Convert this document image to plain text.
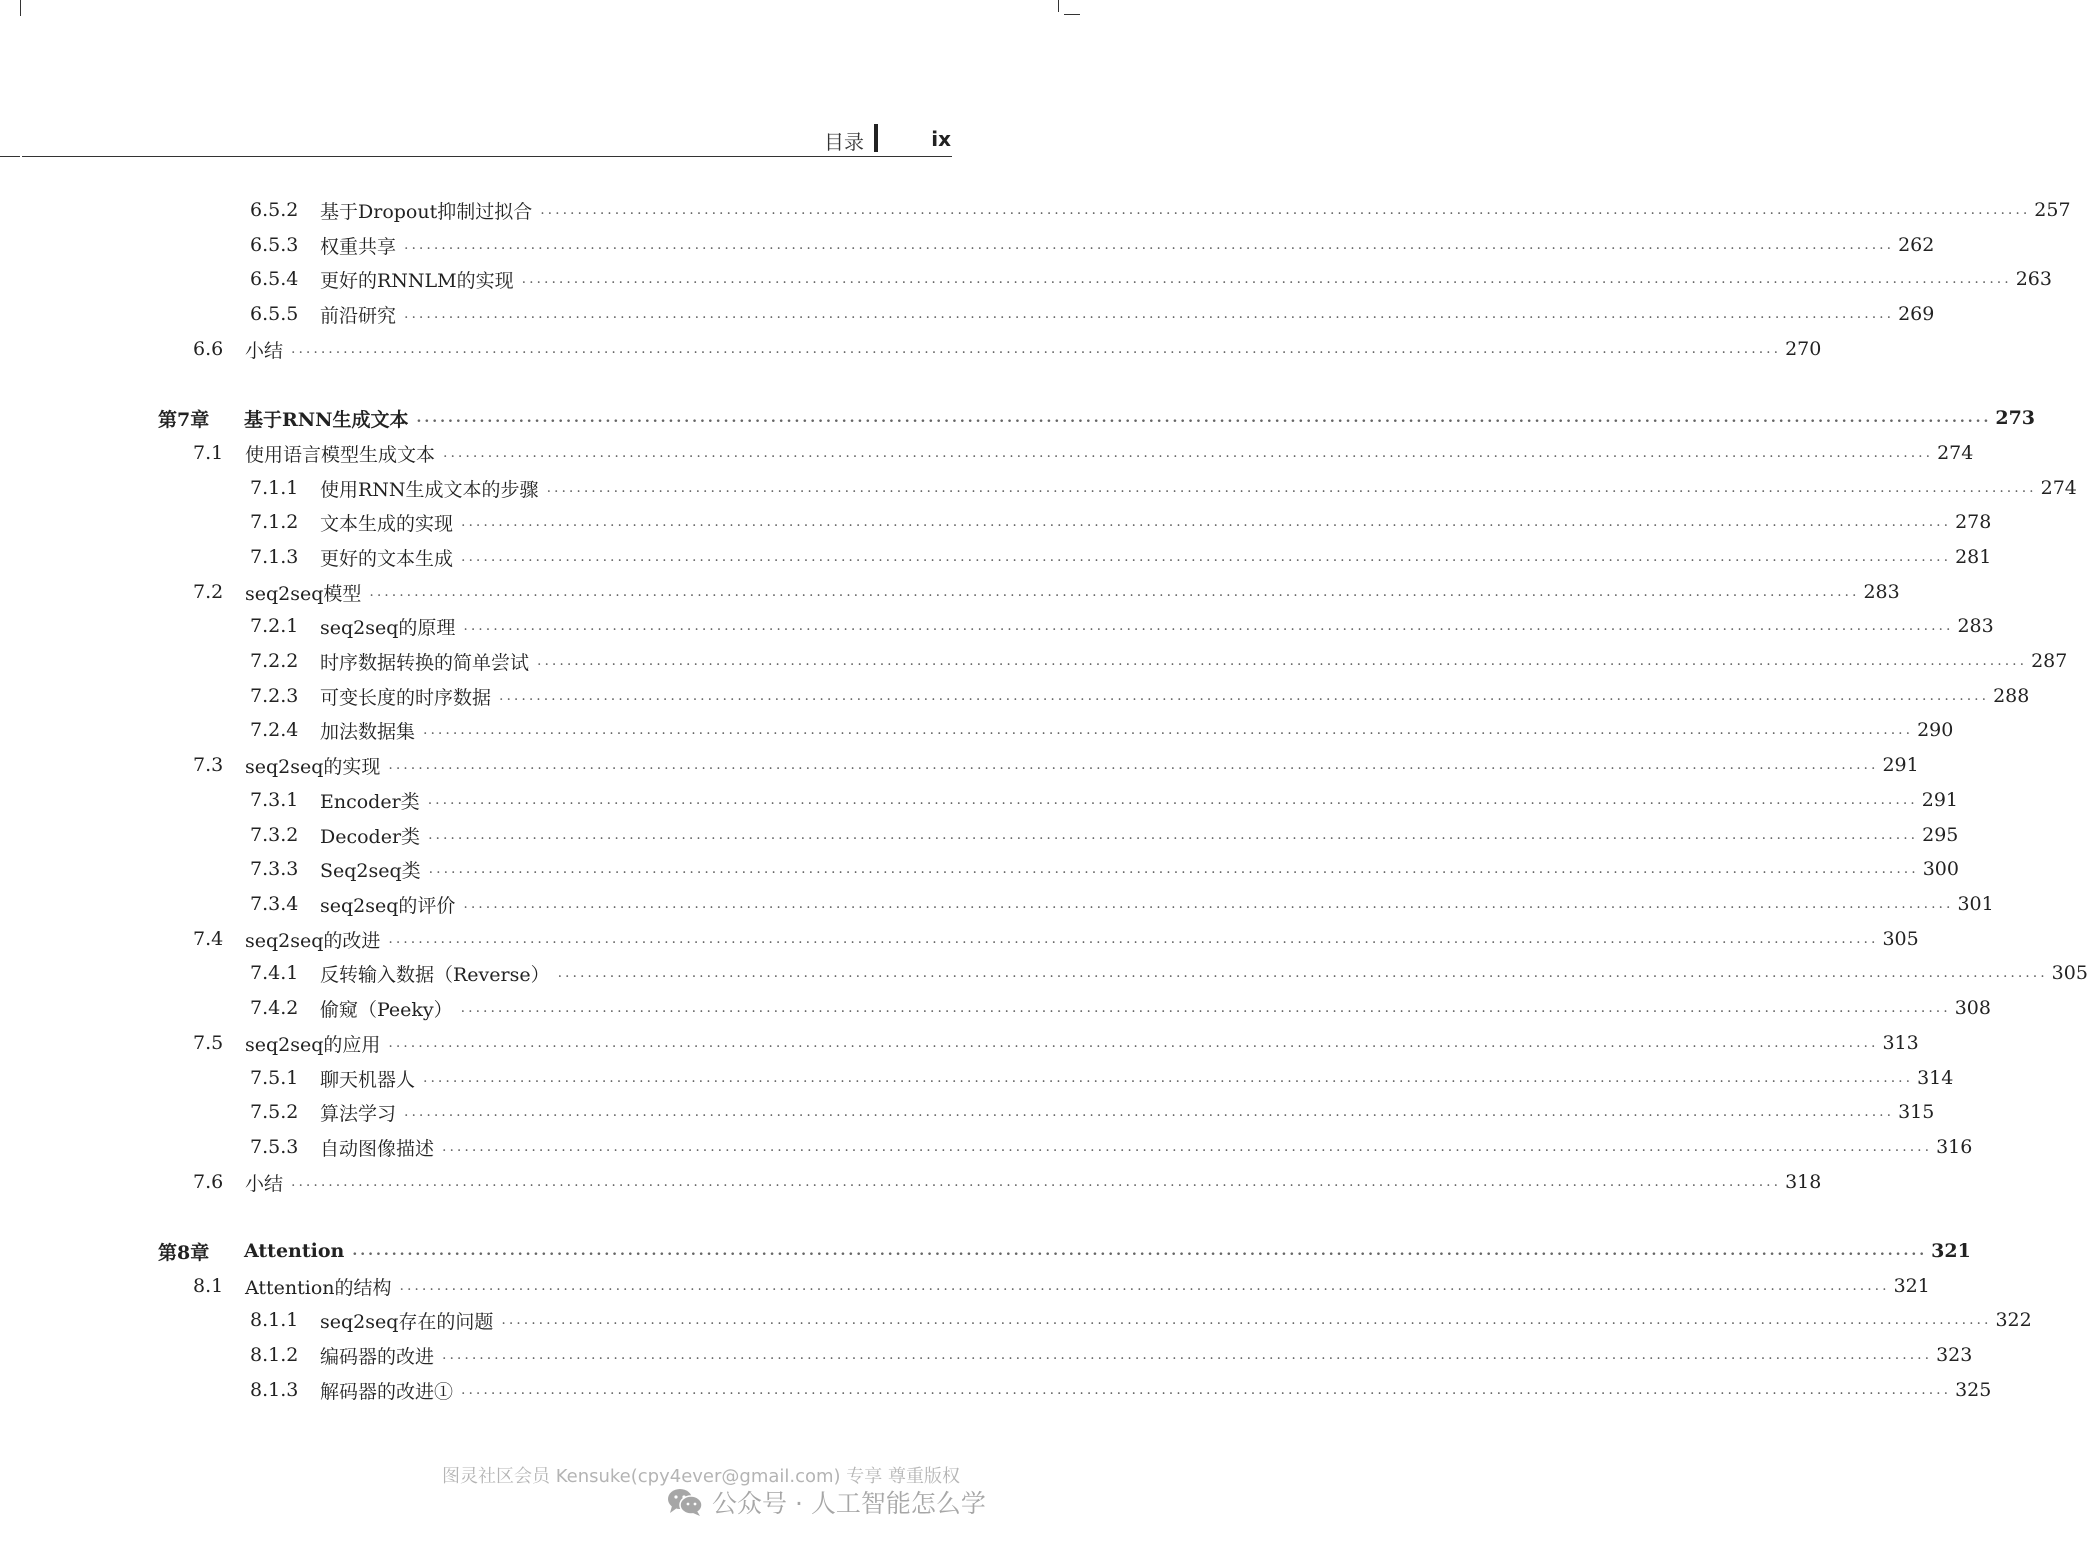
目录	ix
6.5.2	基于Dropout抑制过拟合 ........................................................................................................................................................................................................ 257
6.5.3	权重共享 ........................................................................................................................................................................................................ 262
6.5.4	更好的RNNLM的实现 ........................................................................................................................................................................................................ 263
6.5.5	前沿研究 ........................................................................................................................................................................................................ 269
6.6	小结 ........................................................................................................................................................................................................ 270
第7章	基于RNN生成文本 ........................................................................................................................................................................................................ 273
7.1	使用语言模型生成文本 ........................................................................................................................................................................................................ 274
7.1.1	使用RNN生成文本的步骤 ........................................................................................................................................................................................................ 274
7.1.2	文本生成的实现 ........................................................................................................................................................................................................ 278
7.1.3	更好的文本生成 ........................................................................................................................................................................................................ 281
7.2	seq2seq模型 ........................................................................................................................................................................................................ 283
7.2.1	seq2seq的原理 ........................................................................................................................................................................................................ 283
7.2.2	时序数据转换的简单尝试 ........................................................................................................................................................................................................ 287
7.2.3	可变长度的时序数据 ........................................................................................................................................................................................................ 288
7.2.4	加法数据集 ........................................................................................................................................................................................................ 290
7.3	seq2seq的实现 ........................................................................................................................................................................................................ 291
7.3.1	Encoder类 ........................................................................................................................................................................................................ 291
7.3.2	Decoder类 ........................................................................................................................................................................................................ 295
7.3.3	Seq2seq类 ........................................................................................................................................................................................................ 300
7.3.4	seq2seq的评价 ........................................................................................................................................................................................................ 301
7.4	seq2seq的改进 ........................................................................................................................................................................................................ 305
7.4.1	反转输入数据（Reverse） ........................................................................................................................................................................................................ 305
7.4.2	偷窥（Peeky） ........................................................................................................................................................................................................ 308
7.5	seq2seq的应用 ........................................................................................................................................................................................................ 313
7.5.1	聊天机器人 ........................................................................................................................................................................................................ 314
7.5.2	算法学习 ........................................................................................................................................................................................................ 315
7.5.3	自动图像描述 ........................................................................................................................................................................................................ 316
7.6	小结 ........................................................................................................................................................................................................ 318
第8章	Attention ........................................................................................................................................................................................................ 321
8.1	Attention的结构 ........................................................................................................................................................................................................ 321
8.1.1	seq2seq存在的问题 ........................................................................................................................................................................................................ 322
8.1.2	编码器的改进 ........................................................................................................................................................................................................ 323
8.1.3	解码器的改进① ........................................................................................................................................................................................................ 325
图灵社区会员 Kensuke(cpy4ever@gmail.com) 专享 尊重版权
公众号 · 人工智能怎么学
